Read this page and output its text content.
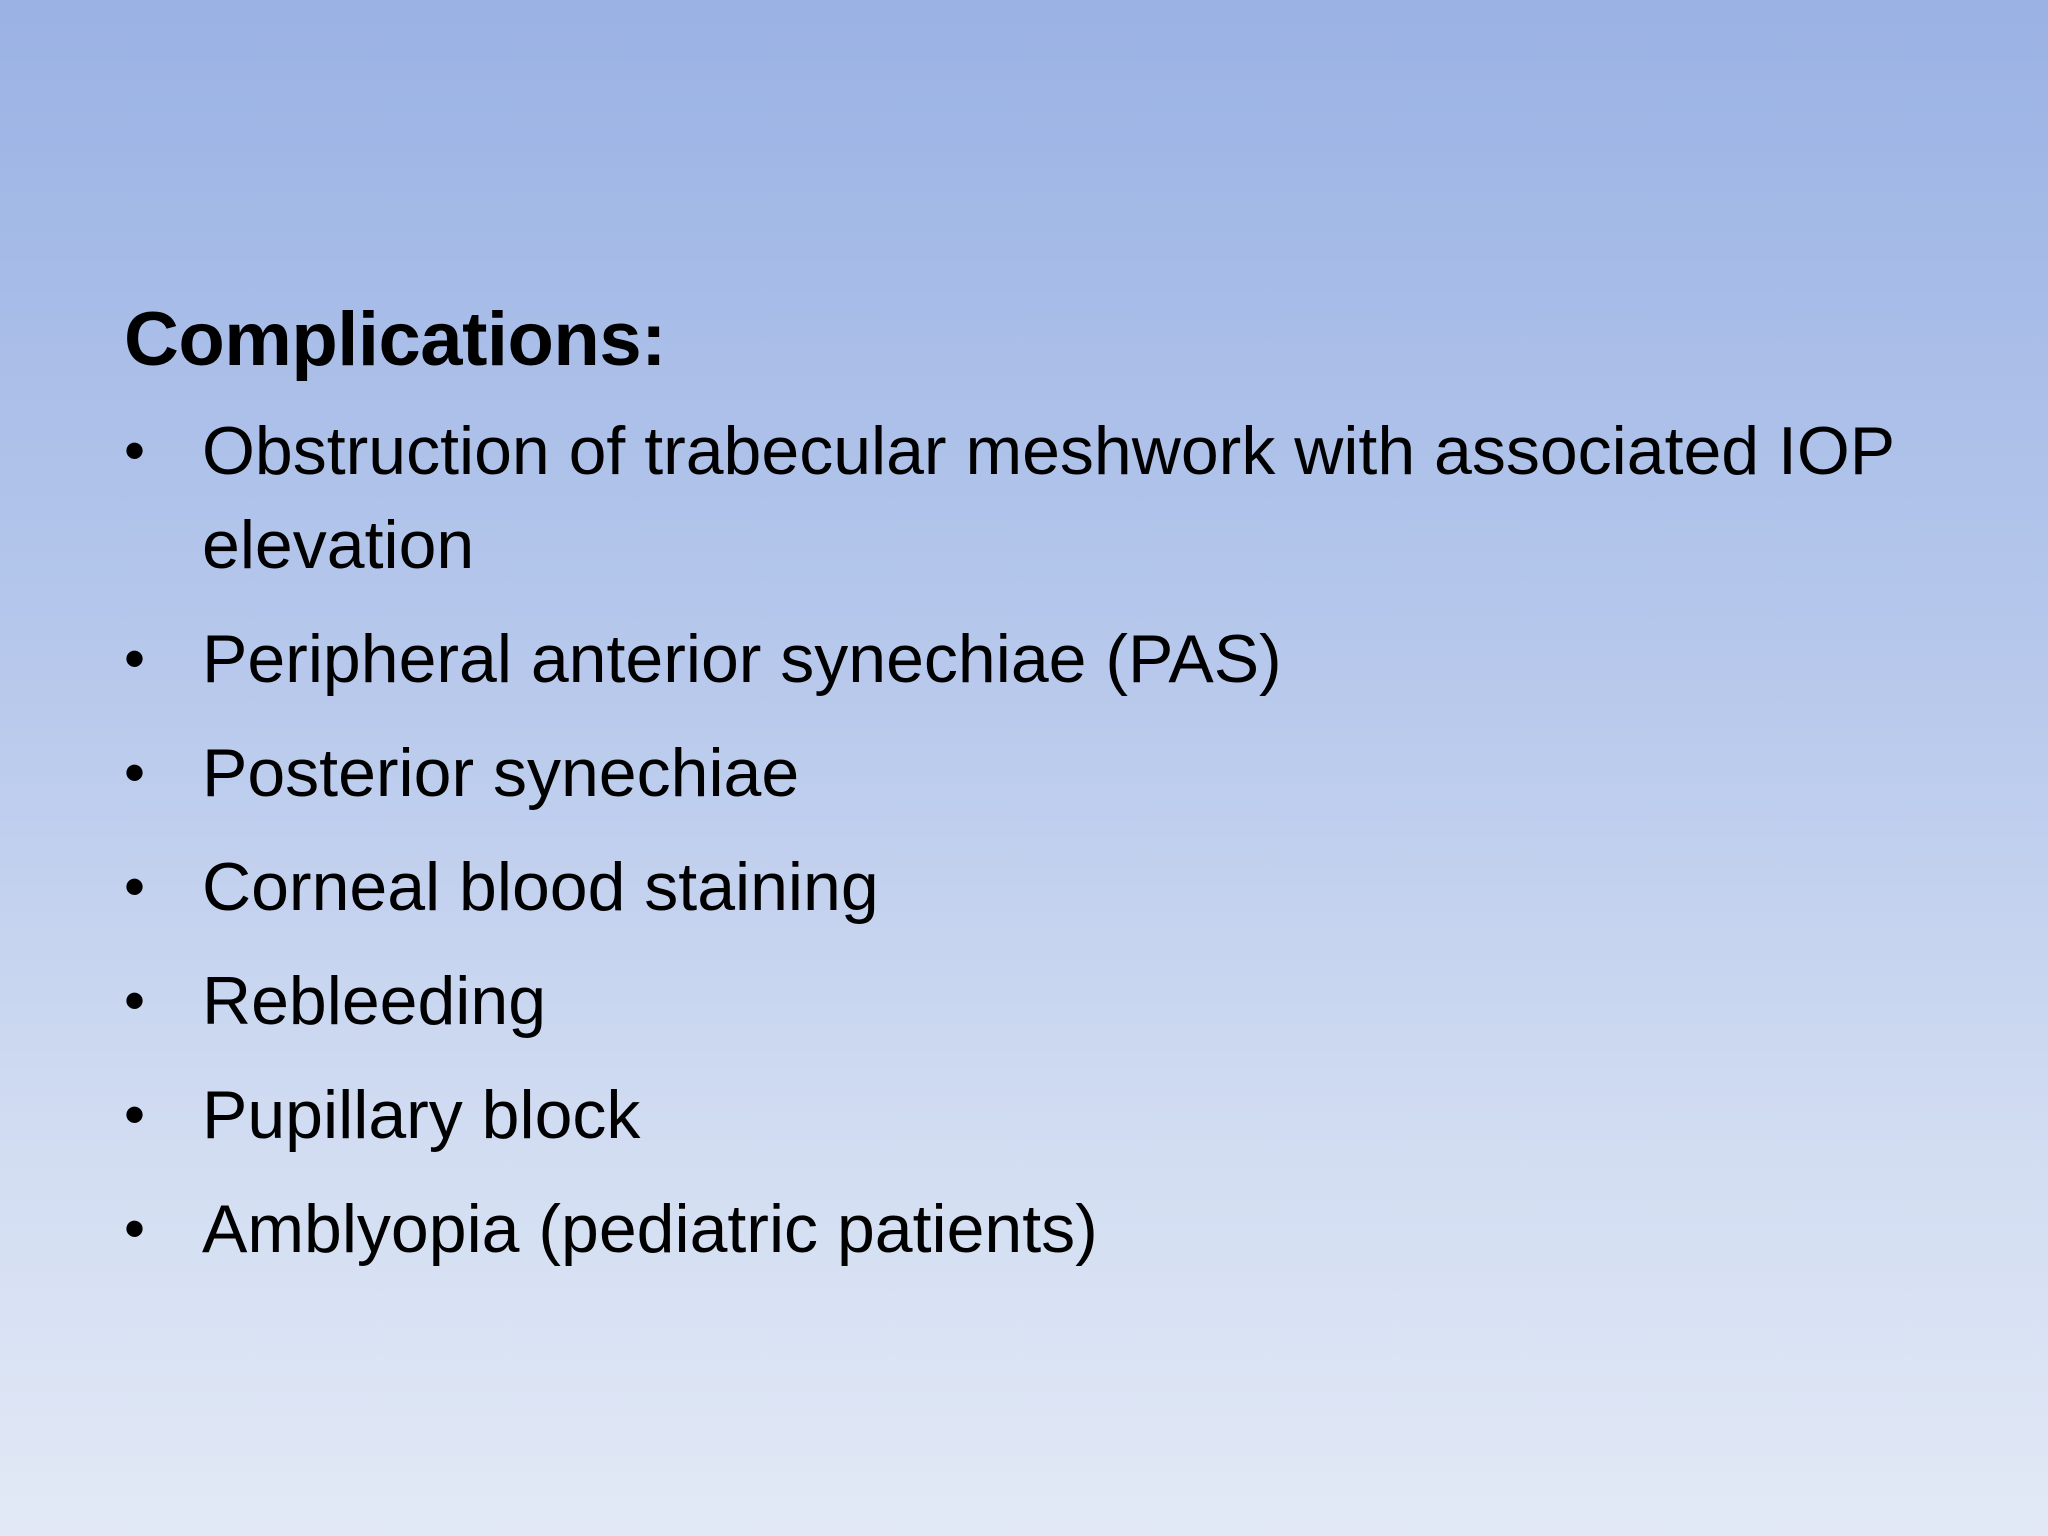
Complications:
• Obstruction of trabecular meshwork with associated IOP elevation
• Peripheral anterior synechiae (PAS)
• Posterior synechiae
• Corneal blood staining
• Rebleeding
• Pupillary block
• Amblyopia (pediatric patients)
